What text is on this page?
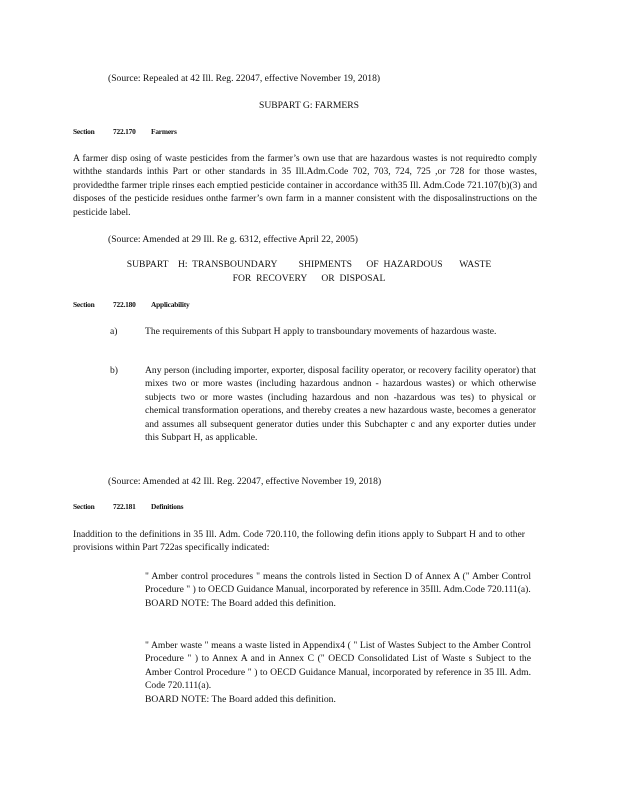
(Source: Repealed at 42 Ill. Reg. 22047, effective November 19, 2018)

SUBPART G: FARMERS

Section 722.170 Farmers

A farmer disp osing of waste pesticides from the farmer’s own use that are hazardous wastes is not requiredto comply withthe standards inthis Part or other standards in 35 Ill.Adm.Code 702, 703, 724, 725 ,or 728 for those wastes, providedthe farmer triple rinses each emptied pesticide container in accordance with35 Ill. Adm.Code 721.107(b)(3) and disposes of the pesticide residues onthe farmer’s own farm in a manner consistent with the disposalinstructions on the pesticide label.

(Source: Amended at 29 Ill. Re g. 6312, effective April 22, 2005)

SUBPART    H:  TRANSBOUNDARY         SHIPMENTS      OF  HAZARDOUS       WASTE

FOR  RECOVERY      OR  DISPOSAL

Section 722.180 Applicability
a)	The requirements of this Subpart H apply to transboundary movements of hazardous waste.

b)	Any person (including importer, exporter, disposal facility operator, or recovery facility operator) that mixes two or more wastes (including hazardous andnon - hazardous wastes) or which otherwise subjects two or more wastes (including hazardous and non -hazardous was tes) to physical or chemical transformation operations, and thereby creates a new hazardous waste, becomes a generator and assumes all subsequent generator duties under this Subchapter c and any exporter duties under this Subpart H, as applicable.

(Source: Amended at 42 Ill. Reg. 22047, effective November 19, 2018)

Section 722.181 Definitions

Inaddition to the definitions in 35 Ill. Adm. Code 720.110, the following defin itions apply to Subpart H and to other provisions within Part 722as specifically indicated:

" Amber control procedures " means the controls listed in Section D of Annex A (" Amber Control Procedure " ) to OECD Guidance Manual, incorporated by reference in 35Ill. Adm.Code 720.111(a).

BOARD NOTE: The Board added this definition.

" Amber waste " means a waste listed in Appendix4 ( " List of Wastes Subject to the Amber Control Procedure " ) to Annex A and in Annex C (" OECD Consolidated List of Waste s Subject to the Amber Control Procedure " ) to OECD Guidance Manual, incorporated by reference in 35 Ill. Adm. Code 720.111(a).

BOARD NOTE: The Board added this definition.
